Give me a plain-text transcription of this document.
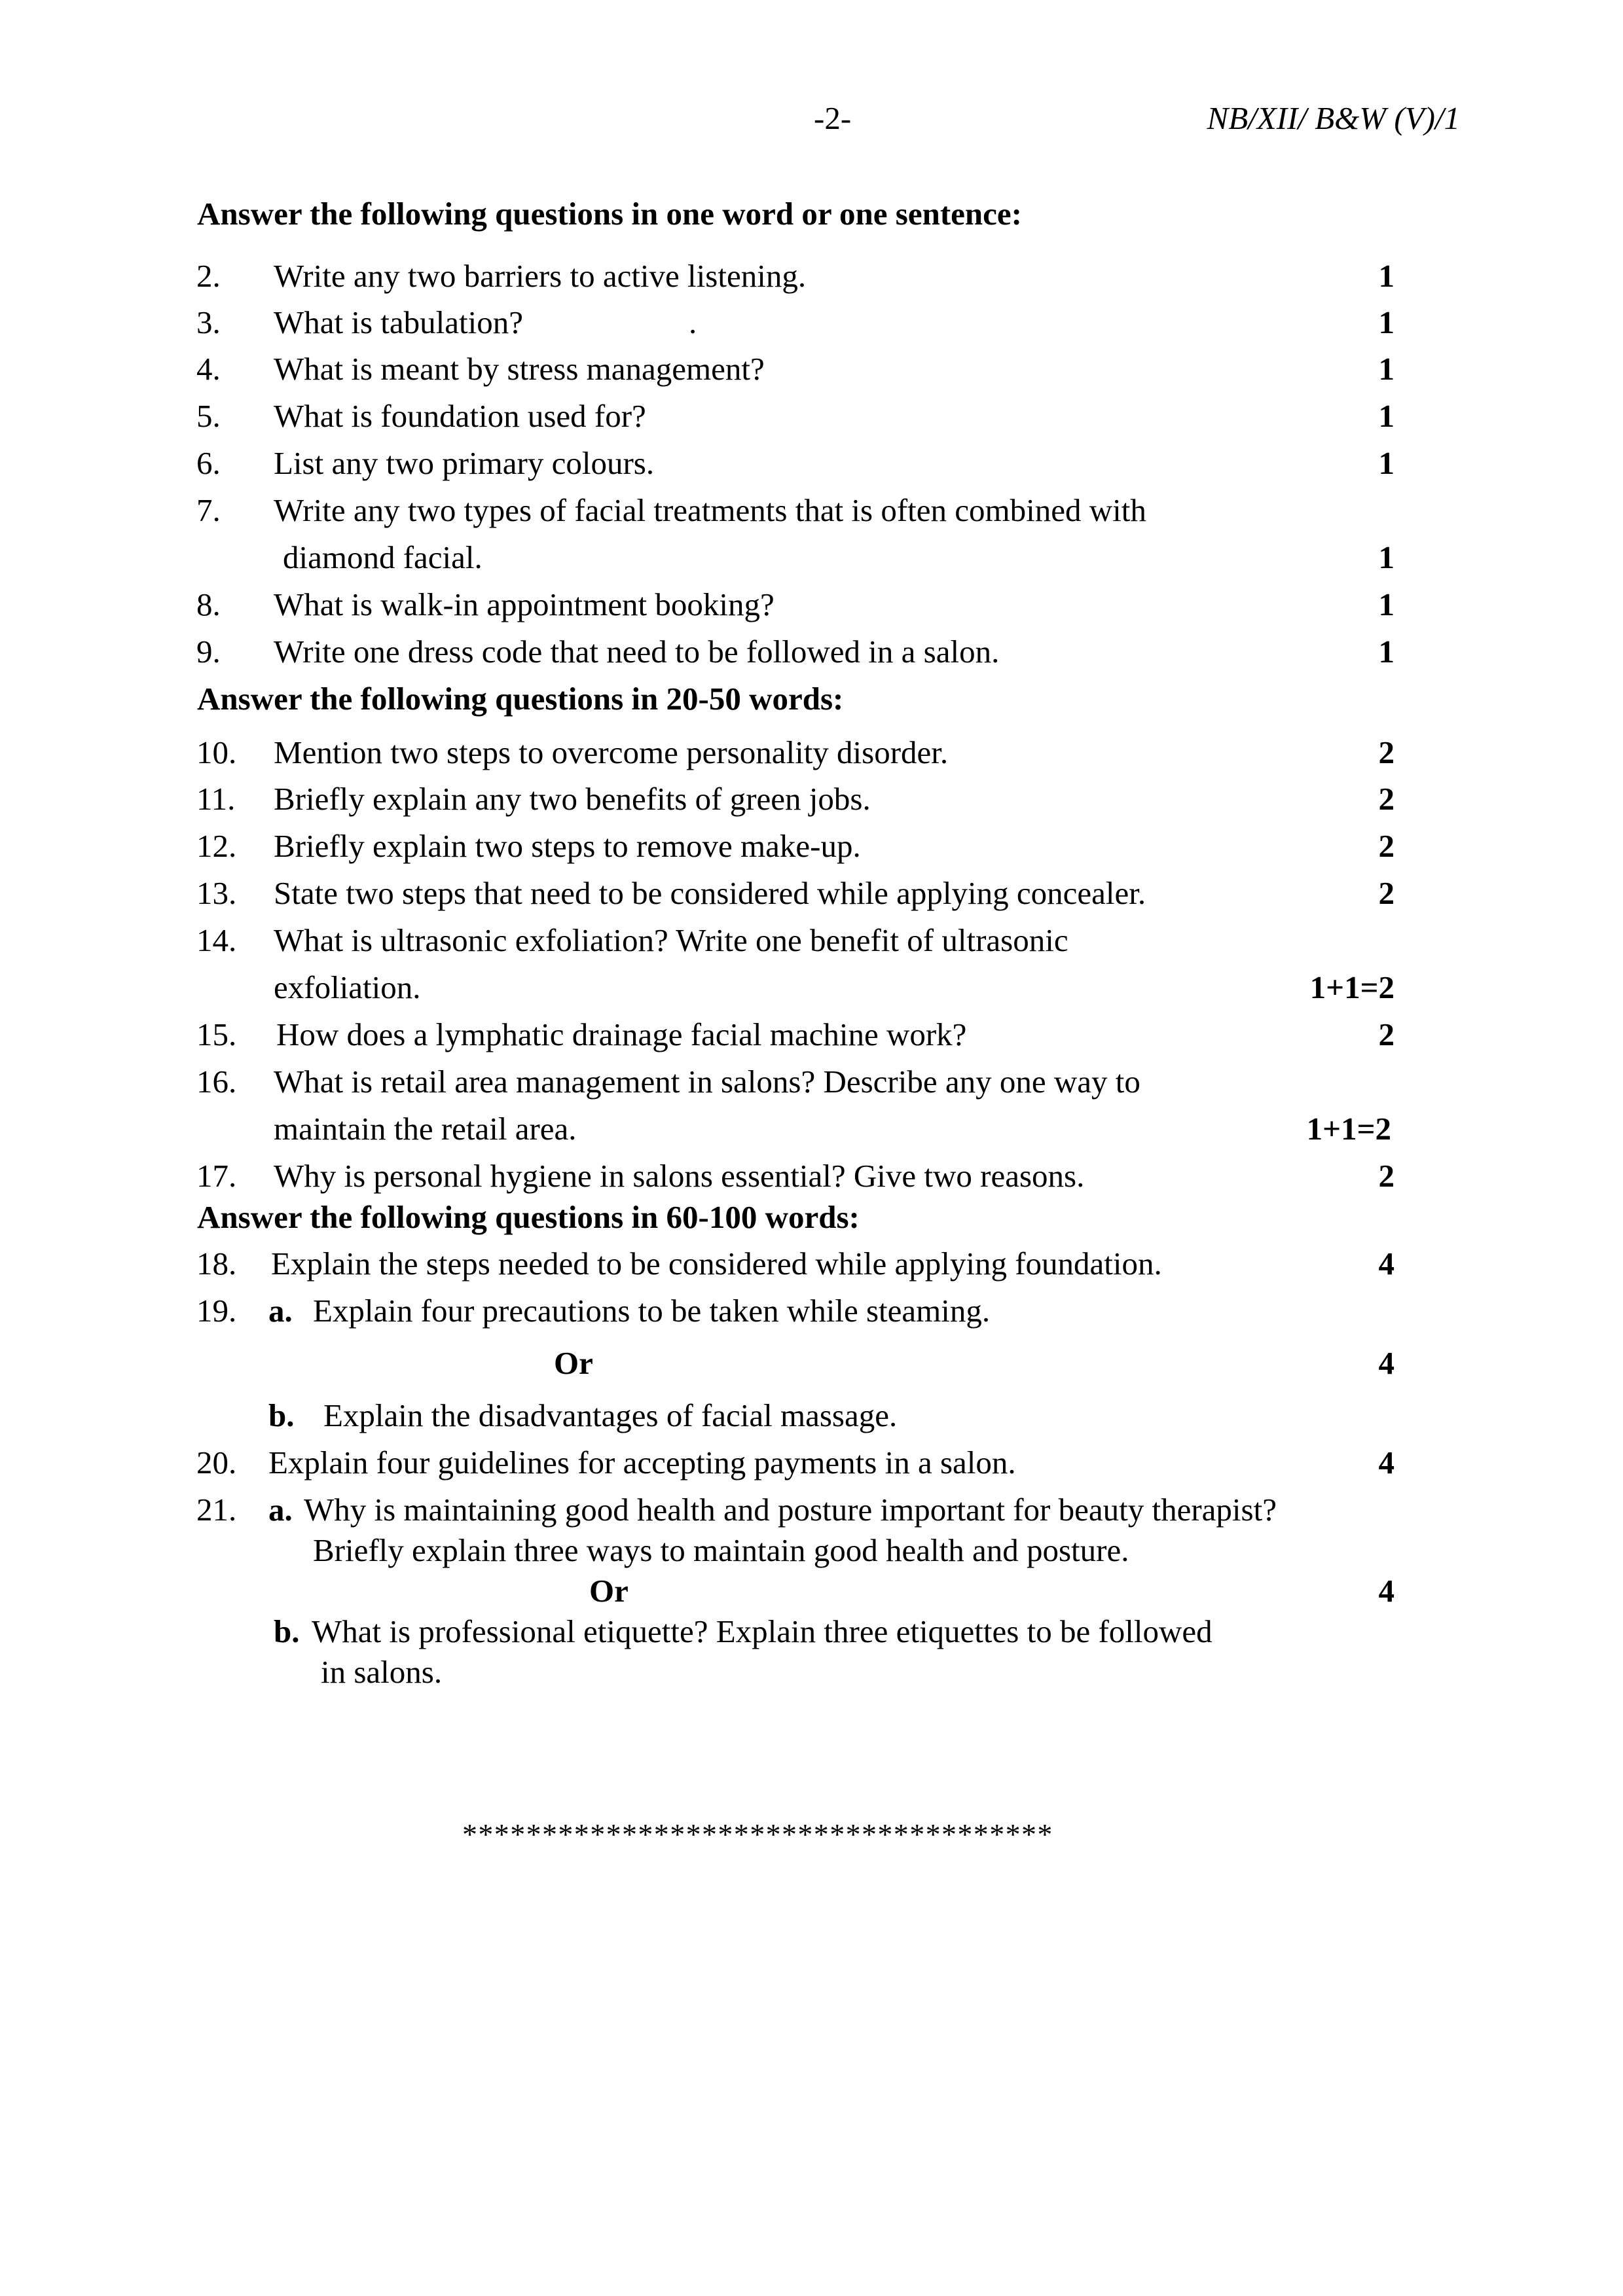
-2-	NB/XII/ B&W (V)/1
Answer the following questions in one word or one sentence:
2. Write any two barriers to active listening.	1
3. What is tabulation?	.	1
4. What is meant by stress management?	1
5. What is foundation used for?	1
6. List any two primary colours.	1
7. Write any two types of facial treatments that is often combined with
diamond facial.	1
8. What is walk-in appointment booking?	1
9. Write one dress code that need to be followed in a salon.	1
Answer the following questions in 20-50 words:
10. Mention two steps to overcome personality disorder.	2
11. Briefly explain any two benefits of green jobs.	2
12. Briefly explain two steps to remove make-up.	2
13. State two steps that need to be considered while applying concealer.	2
14. What is ultrasonic exfoliation? Write one benefit of ultrasonic
exfoliation.	1+1=2
15. How does a lymphatic drainage facial machine work?	2
16. What is retail area management in salons? Describe any one way to
maintain the retail area.	1+1=2
17. Why is personal hygiene in salons essential? Give two reasons.	2
Answer the following questions in 60-100 words:
18. Explain the steps needed to be considered while applying foundation.	4
19. a. Explain four precautions to be taken while steaming.
Or	4
b. Explain the disadvantages of facial massage.
20. Explain four guidelines for accepting payments in a salon.	4
21. a. Why is maintaining good health and posture important for beauty therapist?
Briefly explain three ways to maintain good health and posture.
Or	4
b. What is professional etiquette? Explain three etiquettes to be followed
in salons.
*************************************
